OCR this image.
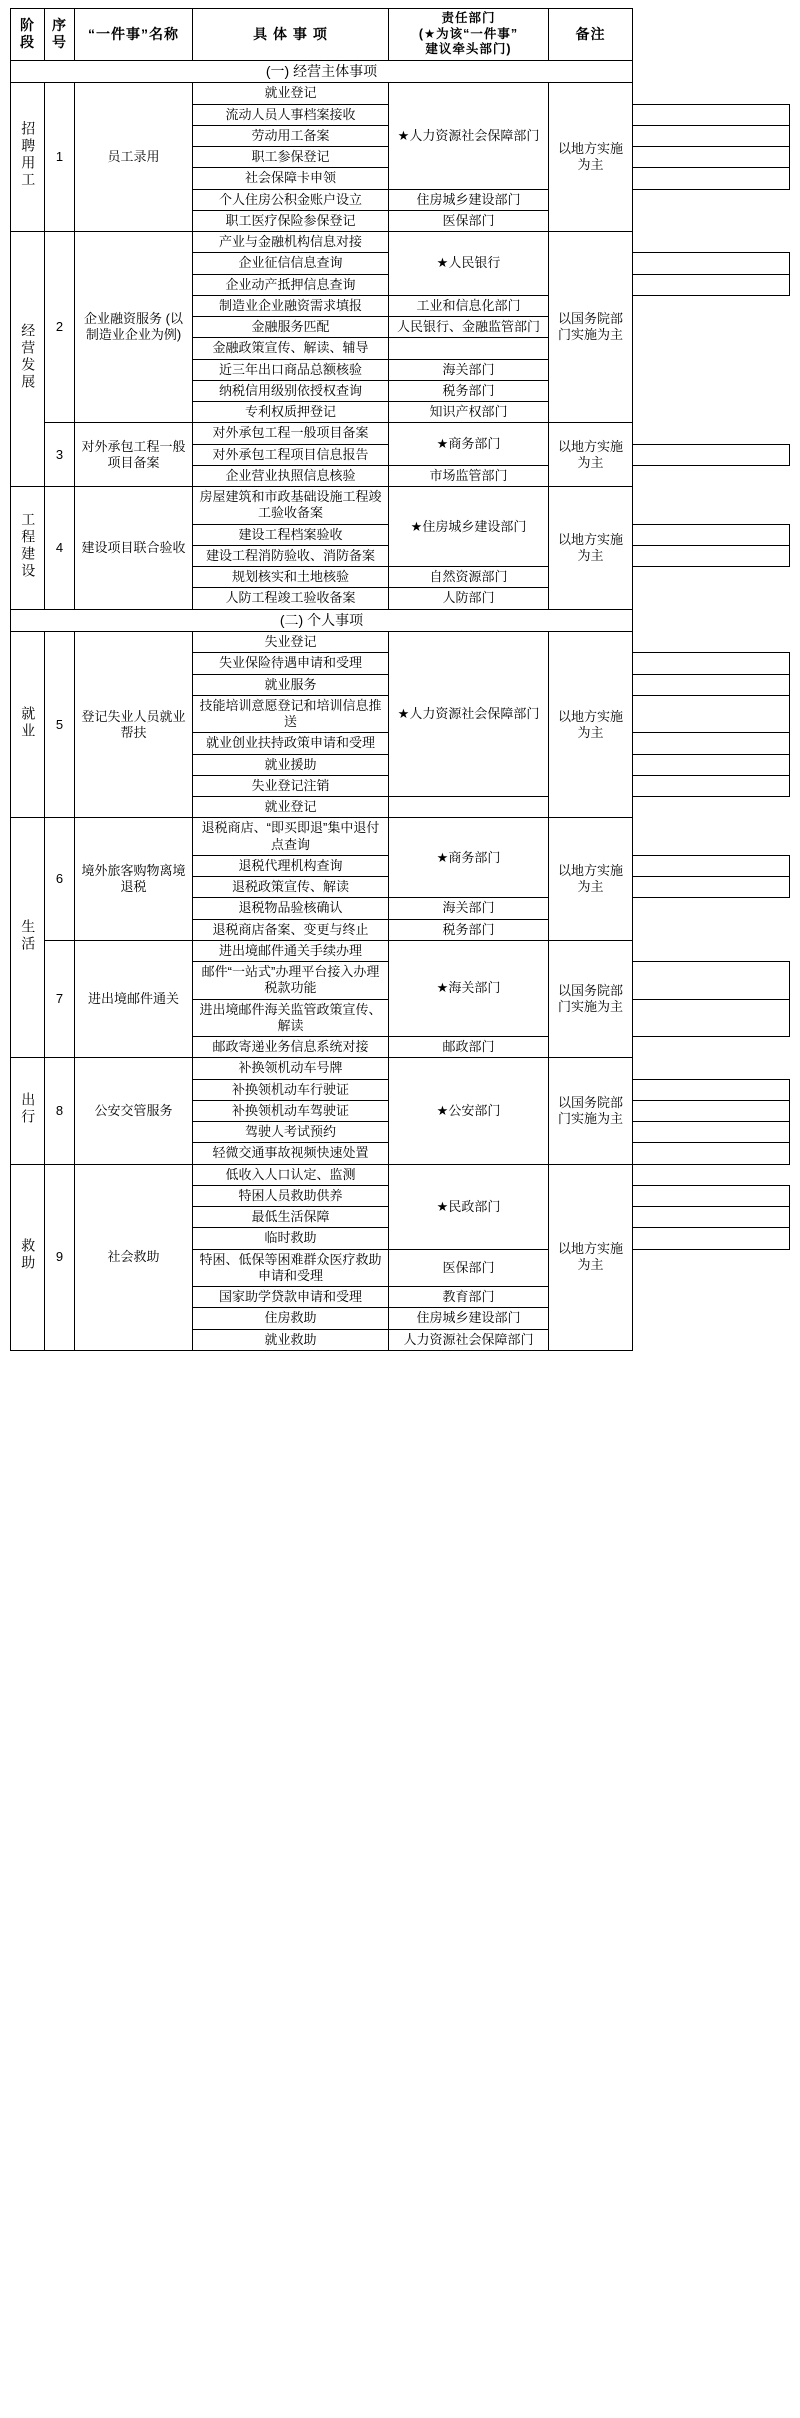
阶段	序号	“一件事”名称	具 体 事 项	责任部门
(★为该“一件事”
建议牵头部门)	备注	
(一) 经营主体事项						
招聘用工	1	员工录用	就业登记	★人力资源社会保障部门	以地方实施为主	
			流动人员人事档案接收			
			劳动用工备案			
			职工参保登记			
			社会保障卡申领			
			个人住房公积金账户设立	住房城乡建设部门		
			职工医疗保险参保登记	医保部门		
经营发展	2	企业融资服务 (以制造业企业为例)	产业与金融机构信息对接	★人民银行	以国务院部门实施为主	
			企业征信信息查询			
			企业动产抵押信息查询			
			制造业企业融资需求填报	工业和信息化部门		
			金融服务匹配	人民银行、金融监管部门		
			金融政策宣传、解读、辅导			
			近三年出口商品总额核验	海关部门		
			纳税信用级别依授权查询	税务部门		
			专利权质押登记	知识产权部门		
	3	对外承包工程一般项目备案	对外承包工程一般项目备案	★商务部门	以地方实施为主	
			对外承包工程项目信息报告			
			企业营业执照信息核验	市场监管部门		
工程建设	4	建设项目联合验收	房屋建筑和市政基础设施工程竣工验收备案	★住房城乡建设部门	以地方实施为主	
			建设工程档案验收			
			建设工程消防验收、消防备案			
			规划核实和土地核验	自然资源部门		
			人防工程竣工验收备案	人防部门		
(二) 个人事项						
就业	5	登记失业人员就业帮扶	失业登记	★人力资源社会保障部门	以地方实施为主	
			失业保险待遇申请和受理			
			就业服务			
			技能培训意愿登记和培训信息推送			
			就业创业扶持政策申请和受理			
			就业援助			
			失业登记注销			
			就业登记			
生活	6	境外旅客购物离境退税	退税商店、“即买即退”集中退付点查询	★商务部门	以地方实施为主	
			退税代理机构查询			
			退税政策宣传、解读			
			退税物品验核确认	海关部门		
			退税商店备案、变更与终止	税务部门		
	7	进出境邮件通关	进出境邮件通关手续办理	★海关部门	以国务院部门实施为主	
			邮件“一站式”办理平台接入办理税款功能			
			进出境邮件海关监管政策宣传、解读			
			邮政寄递业务信息系统对接	邮政部门		
出行	8	公安交管服务	补换领机动车号牌	★公安部门	以国务院部门实施为主	
			补换领机动车行驶证			
			补换领机动车驾驶证			
			驾驶人考试预约			
			轻微交通事故视频快速处置			
救助	9	社会救助	低收入人口认定、监测	★民政部门	以地方实施为主	
			特困人员救助供养			
			最低生活保障			
			临时救助			
			特困、低保等困难群众医疗救助申请和受理	医保部门		
			国家助学贷款申请和受理	教育部门		
			住房救助	住房城乡建设部门		
			就业救助	人力资源社会保障部门		
